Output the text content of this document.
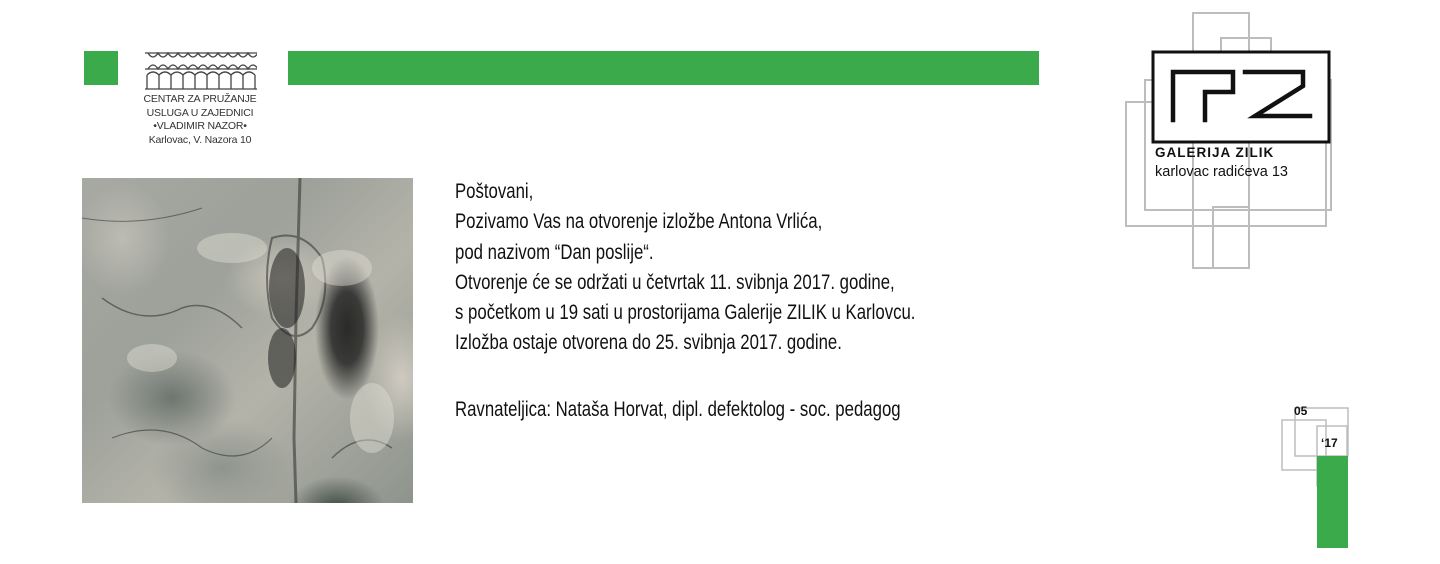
CENTAR ZA PRUŽANJE
USLUGA U ZAJEDNICI
•VLADIMIR NAZOR•
Karlovac, V. Nazora 10
Poštovani,
Pozivamo Vas na otvorenje izložbe Antona Vrlića,
pod nazivom “Dan poslije“.
Otvorenje će se održati u četvrtak 11. svibnja 2017. godine,
s početkom u 19 sati u prostorijama Galerije ZILIK u Karlovcu.
Izložba ostaje otvorena do 25. svibnja 2017. godine.
Ravnateljica: Nataša Horvat, dipl. defektolog - soc. pedagog
GALERIJA ZILIK
karlovac radićeva 13
05
‘17
